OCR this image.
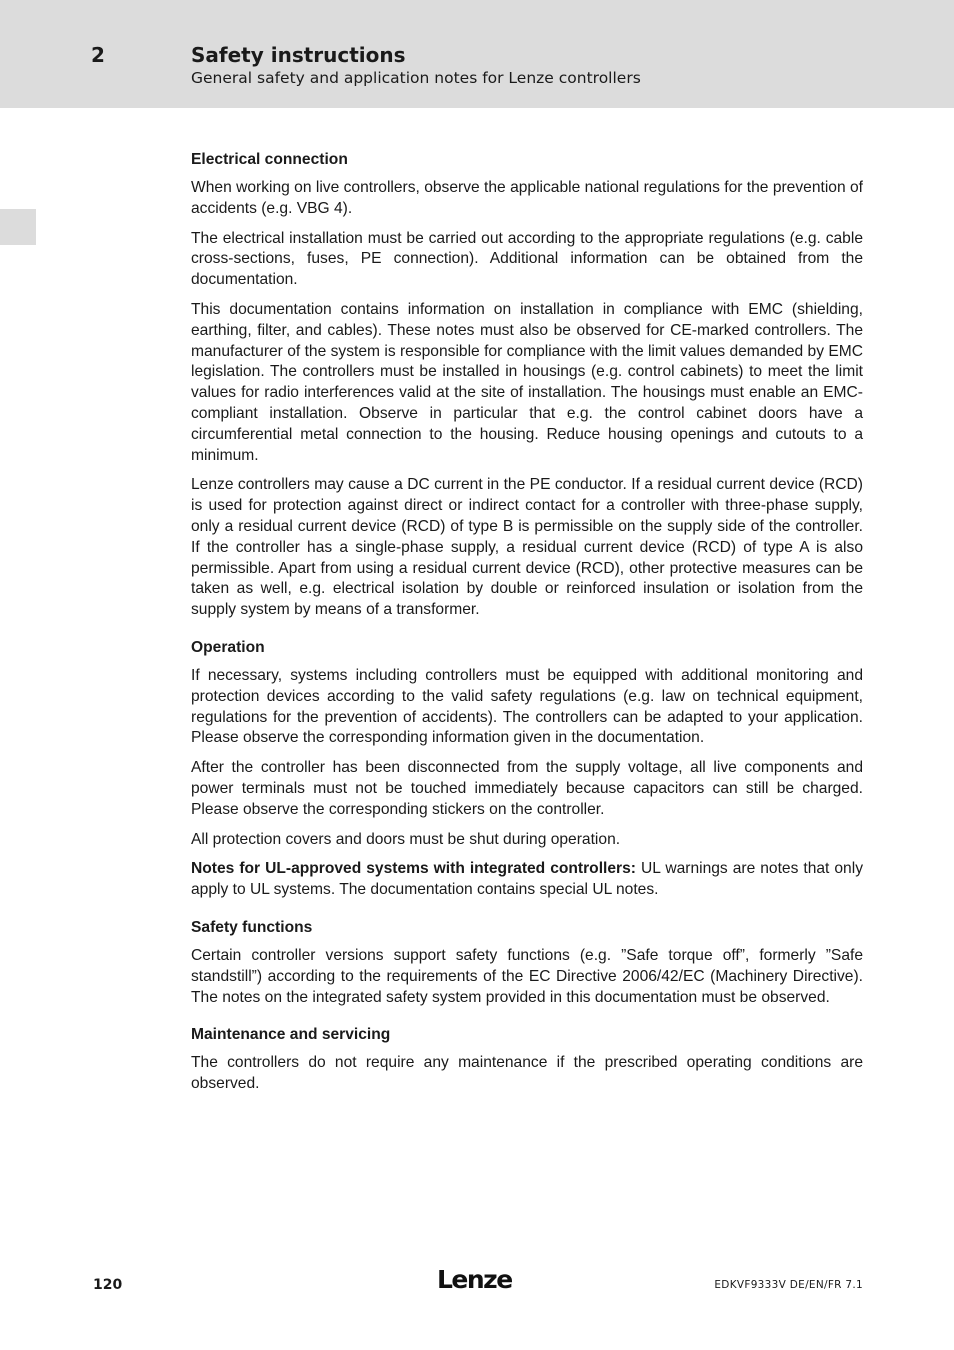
2	Safety instructions
General safety and application notes for Lenze controllers
Electrical connection

When working on live controllers, observe the applicable national regulations for the prevention of accidents (e.g. VBG 4).

The electrical installation must be carried out according to the appropriate regulations (e.g. cable cross-sections, fuses, PE connection). Additional information can be obtained from the documentation.

This documentation contains information on installation in compliance with EMC (shielding, earthing, filter, and cables). These notes must also be observed for CE-marked controllers. The manufacturer of the system is responsible for compliance with the limit values demanded by EMC legislation. The controllers must be installed in housings (e.g. control cabinets) to meet the limit values for radio interferences valid at the site of installation. The housings must enable an EMC-compliant installation. Observe in particular that e.g. the control cabinet doors have a circumferential metal connection to the housing. Reduce housing openings and cutouts to a minimum.

Lenze controllers may cause a DC current in the PE conductor. If a residual current device (RCD) is used for protection against direct or indirect contact for a controller with three-phase supply, only a residual current device (RCD) of type B is permissible on the supply side of the controller. If the controller has a single-phase supply, a residual current device (RCD) of type A is also permissible. Apart from using a residual current device (RCD), other protective measures can be taken as well, e.g. electrical isolation by double or reinforced insulation or isolation from the supply system by means of a transformer.

Operation

If necessary, systems including controllers must be equipped with additional monitoring and protection devices according to the valid safety regulations (e.g. law on technical equipment, regulations for the prevention of accidents). The controllers can be adapted to your application. Please observe the corresponding information given in the documentation.

After the controller has been disconnected from the supply voltage, all live components and power terminals must not be touched immediately because capacitors can still be charged. Please observe the corresponding stickers on the controller.

All protection covers and doors must be shut during operation.

Notes for UL-approved systems with integrated controllers: UL warnings are notes that only apply to UL systems. The documentation contains special UL notes.

Safety functions

Certain controller versions support safety functions (e.g. ”Safe torque off”, formerly ”Safe standstill”) according to the requirements of the EC Directive 2006/42/EC (Machinery Directive). The notes on the integrated safety system provided in this documentation must be observed.

Maintenance and servicing

The controllers do not require any maintenance if the prescribed operating conditions are observed.

120	Lenze	EDKVF9333V DE/EN/FR 7.1
